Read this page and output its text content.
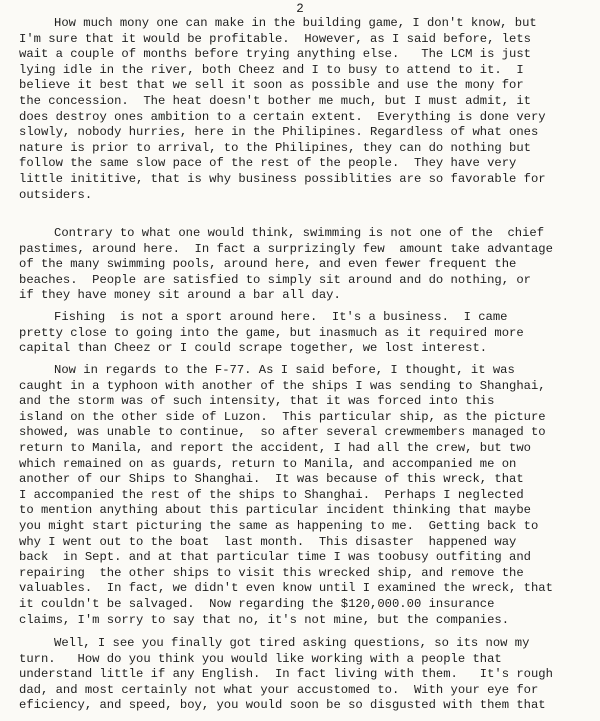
2
How much mony one can make in the building game, I don't know, but
I'm sure that it would be profitable.  However, as I said before, lets
wait a couple of months before trying anything else.   The LCM is just
lying idle in the river, both Cheez and I to busy to attend to it.  I
believe it best that we sell it soon as possible and use the mony for
the concession.  The heat doesn't bother me much, but I must admit, it
does destroy ones ambition to a certain extent.  Everything is done very
slowly, nobody hurries, here in the Philipines. Regardless of what ones
nature is prior to arrival, to the Philipines, they can do nothing but
follow the same slow pace of the rest of the people.  They have very
little inititive, that is why business possiblities are so favorable for
outsiders.
Contrary to what one would think, swimming is not one of the  chief
pastimes, around here.  In fact a surprizingly few  amount take advantage
of the many swimming pools, around here, and even fewer frequent the
beaches.  People are satisfied to simply sit around and do nothing, or
if they have money sit around a bar all day.
Fishing  is not a sport around here.  It's a business.  I came
pretty close to going into the game, but inasmuch as it required more
capital than Cheez or I could scrape together, we lost interest.
Now in regards to the F-77. As I said before, I thought, it was
caught in a typhoon with another of the ships I was sending to Shanghai,
and the storm was of such intensity, that it was forced into this
island on the other side of Luzon.  This particular ship, as the picture
showed, was unable to continue,  so after several crewmembers managed to
return to Manila, and report the accident, I had all the crew, but two
which remained on as guards, return to Manila, and accompanied me on
another of our Ships to Shanghai.  It was because of this wreck, that
I accompanied the rest of the ships to Shanghai.  Perhaps I neglected
to mention anything about this particular incident thinking that maybe
you might start picturing the same as happening to me.  Getting back to
why I went out to the boat  last month.  This disaster  happened way
back  in Sept. and at that particular time I was toobusy outfiting and
repairing  the other ships to visit this wrecked ship, and remove the
valuables.  In fact, we didn't even know until I examined the wreck, that
it couldn't be salvaged.  Now regarding the $120,000.00 insurance
claims, I'm sorry to say that no, it's not mine, but the companies.
Well, I see you finally got tired asking questions, so its now my
turn.   How do you think you would like working with a people that
understand little if any English.  In fact living with them.   It's rough
dad, and most certainly not what your accustomed to.  With your eye for
eficiency, and speed, boy, you would soon be so disgusted with them that
